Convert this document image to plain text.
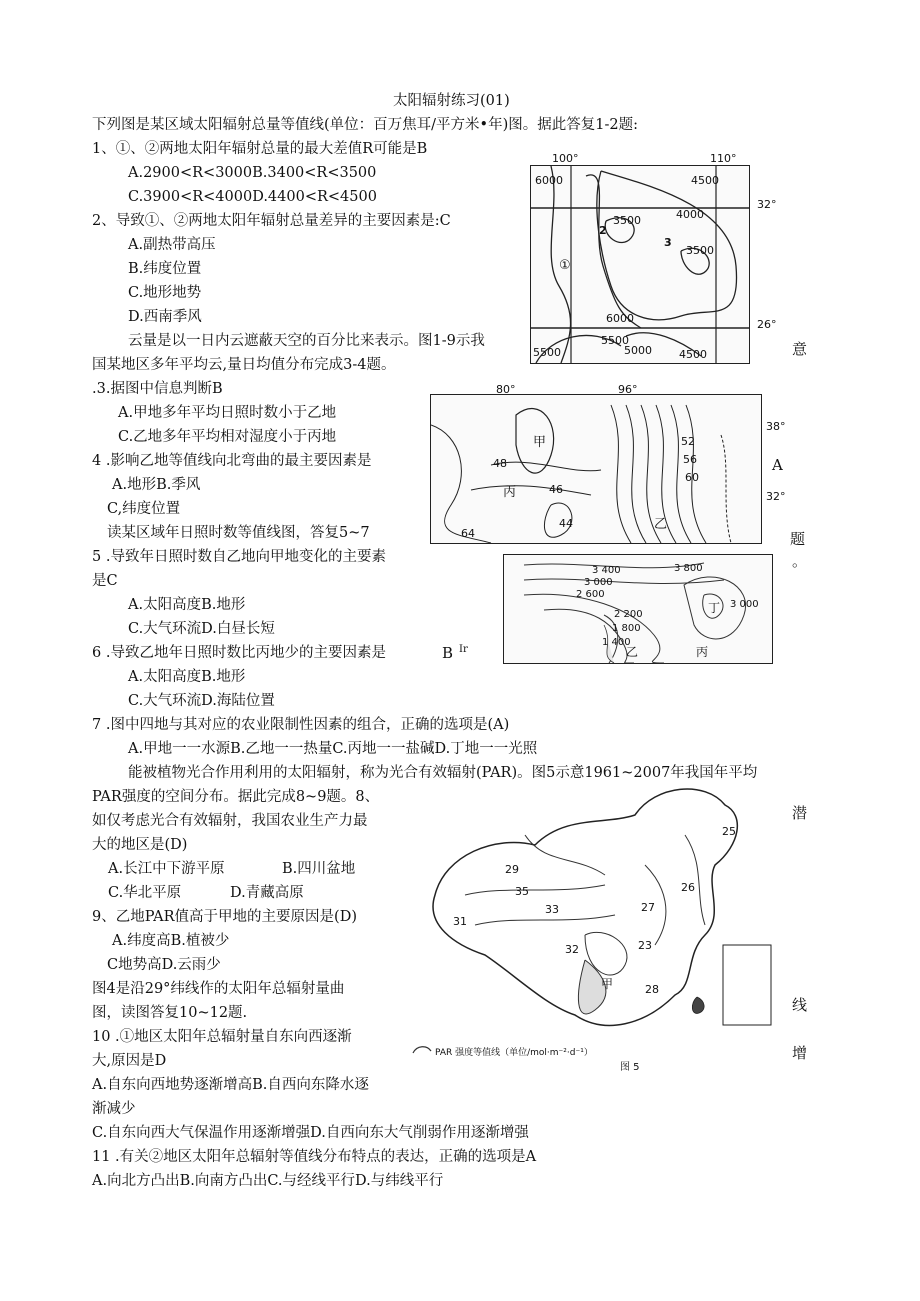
太阳辐射练习(01)
下列图是某区域太阳辐射总量等值线(单位：百万焦耳/平方米•年)图。据此答复1-2题:
1、①、②两地太阳年辐射总量的最大差值R可能是B
A.2900<R<3000B.3400<R<3500
C.3900<R<4000D.4400<R<4500
2、导致①、②两地太阳年辐射总量差异的主要因素是:C
A.副热带高压
B.纬度位置
C.地形地势
D.西南季风
云量是以一日内云遮蔽天空的百分比来表示。图1-9示我
国某地区多年平均云,量日均值分布完成3-4题。
.3.据图中信息判断B
A.甲地多年平均日照时数小于乙地
C.乙地多年平均相对湿度小于丙地
4 .影响乙地等值线向北弯曲的最主要因素是
A.地形B.季风
C,纬度位置
读某区域年日照时数等值线图，答复5~7
5 .导致年日照时数自乙地向甲地变化的主要素
是C
A.太阳高度B.地形
C.大气环流D.白昼长短
6 .导致乙地年日照时数比丙地少的主要因素是
A.太阳高度B.地形
C.大气环流D.海陆位置
7 .图中四地与其对应的农业限制性因素的组合，正确的选项是(A)
A.甲地一一水源B.乙地一一热量C.丙地一一盐碱D.丁地一一光照
能被植物光合作用利用的太阳辐射，称为光合有效辐射(PAR)。图5示意1961~2007年我国年平均
PAR强度的空间分布。据此完成8~9题。8、
如仅考虑光合有效辐射，我国农业生产力最
大的地区是(D)
A.长江中下游平原	B.四川盆地
C.华北平原	D.青藏高原
9、乙地PAR值高于甲地的主要原因是(D)
A.纬度高B.植被少
C地势高D.云雨少
图4是沿29°纬线作的太阳年总辐射量曲
图，读图答复10~12题.
10 .①地区太阳年总辐射量自东向西逐渐
大,原因是D
A.自东向西地势逐渐增高B.自西向东降水逐
渐减少
C.自东向西大气保温作用逐渐增强D.自西向东大气削弱作用逐渐增强
11 .有关②地区太阳年总辐射等值线分布特点的表达，正确的选项是A
A.向北方凸出B.向南方凸出C.与经线平行D.与纬线平行
意
A
题
。
B Ir
潜
线
增
6000	4500
3500	4000
3500
6000
5500
5000 4500
5500
①
2
3
100°	110°
32°
26°
甲
丙
乙
48
46
44
64
52
56
60
80°	96°
38°
32°
3 400
3 000
2 600
2 200
1 800
1 400
3 800
3 000
丁
乙	丙
25
29
35
31
33	27
23
26
28
32
甲
PAR 强度等值线（单位/mol·m⁻²·d⁻¹）
图 5
